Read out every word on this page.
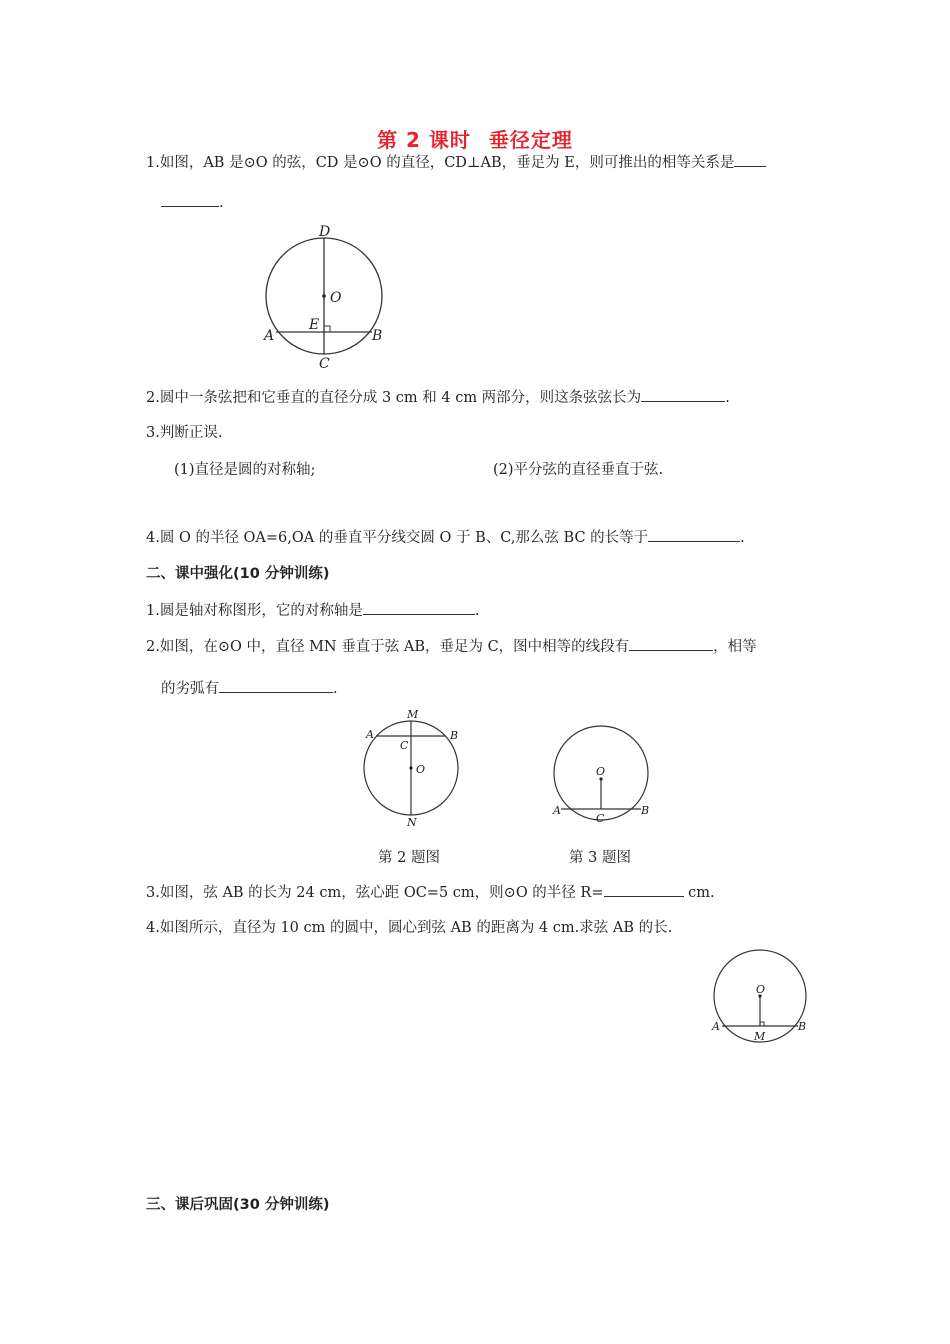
第 2 课时 垂径定理
1.如图，AB 是⊙O 的弦，CD 是⊙O 的直径，CD⊥AB，垂足为 E，则可推出的相等关系是
.
D
O
E
A	B
C
2.圆中一条弦把和它垂直的直径分成 3 cm 和 4 cm 两部分，则这条弦弦长为	.
3.判断正误.
(1)直径是圆的对称轴;	(2)平分弦的直径垂直于弦.
4.圆 O 的半径 OA=6,OA 的垂直平分线交圆 O 于 B、C,那么弦 BC 的长等于	.
二、课中强化(10 分钟训练)
1.圆是轴对称图形，它的对称轴是	.
2.如图，在⊙O 中，直径 MN 垂直于弦 AB，垂足为 C，图中相等的线段有	，相等
的劣弧有	.
M
A	B
C
O
N
O
A	B
C
第 2 题图	第 3 题图
3.如图，弦 AB 的长为 24 cm，弦心距 OC=5 cm，则⊙O 的半径 R=	cm.
4.如图所示，直径为 10 cm 的圆中，圆心到弦 AB 的距离为 4 cm.求弦 AB 的长.
O
A	B
M
三、课后巩固(30 分钟训练)
